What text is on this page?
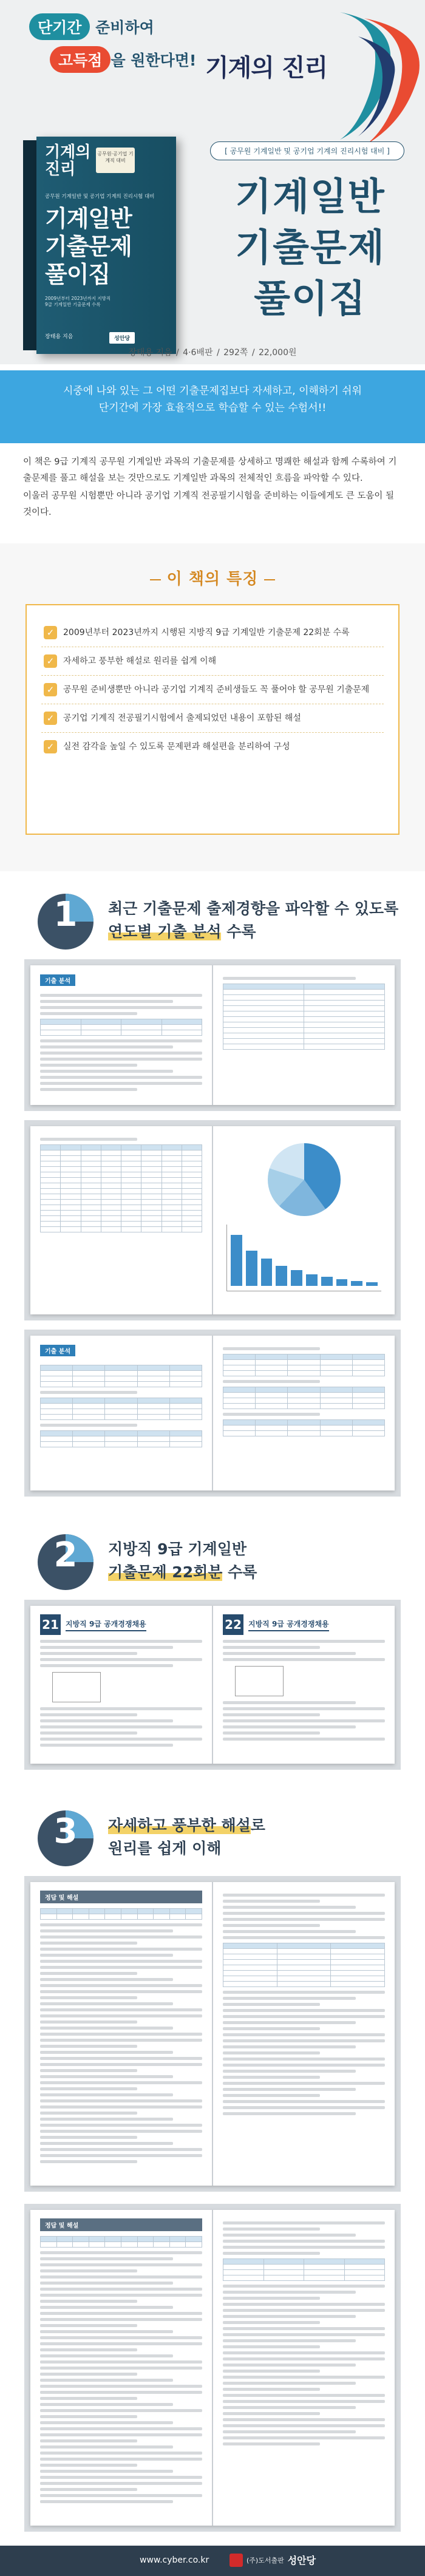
단기간 준비하여
고득점 을 원한다면! 기계의 진리
기계의
진리
공무원·공기업 기계직 대비
공무원 기계일반 및 공기업 기계의 진리시험 대비
기계일반
기출문제
풀이집
2009년부터 2023년까지 지방직 9급 기계일반 기출문제 수록
장태용 지음	성안당
[ 공무원 기계일반 및 공기업 기계의 진리시험 대비 ]
기계일반
기출문제
풀이집
장태용 지음 / 4·6배판 / 292쪽 / 22,000원
시중에 나와 있는 그 어떤 기출문제집보다 자세하고, 이해하기 쉬워
단기간에 가장 효율적으로 학습할 수 있는 수험서!!

이 책은 9급 기계직 공무원 기계일반 과목의 기출문제를 상세하고 명쾌한 해설과 함께 수록하여 기출문제를 풀고 해설을 보는 것만으로도 기계일반 과목의 전체적인 흐름을 파악할 수 있다.

이울러 공무원 시험뿐만 아니라 공기업 기계직 전공필기시험을 준비하는 이들에게도 큰 도움이 될 것이다.

이 책의 특징
✓	2009년부터 2023년까지 시행된 지방직 9급 기계일반 기출문제 22회분 수록
✓	자세하고 풍부한 해설로 원리를 쉽게 이해
✓	공무원 준비생뿐만 아니라 공기업 기계직 준비생들도 꼭 풀어야 할 공무원 기출문제
✓	공기업 기계직 전공필기시험에서 출제되었던 내용이 포함된 해설
✓	실전 감각을 높일 수 있도록 문제편과 해설편을 분리하여 구성
1	최근 기출문제 출제경향을 파악할 수 있도록
연도별 기출 분석 수록
기출 분석

기출 분석

2	지방직 9급 기계일반
기출문제 22회분 수록
21 지방직 9급 공개경쟁채용	22 지방직 9급 공개경쟁채용
3	자세하고 풍부한 해설로
원리를 쉽게 이해
정답 및 해설

정답 및 해설

www.cyber.co.kr	(주)도서출판 성안당
